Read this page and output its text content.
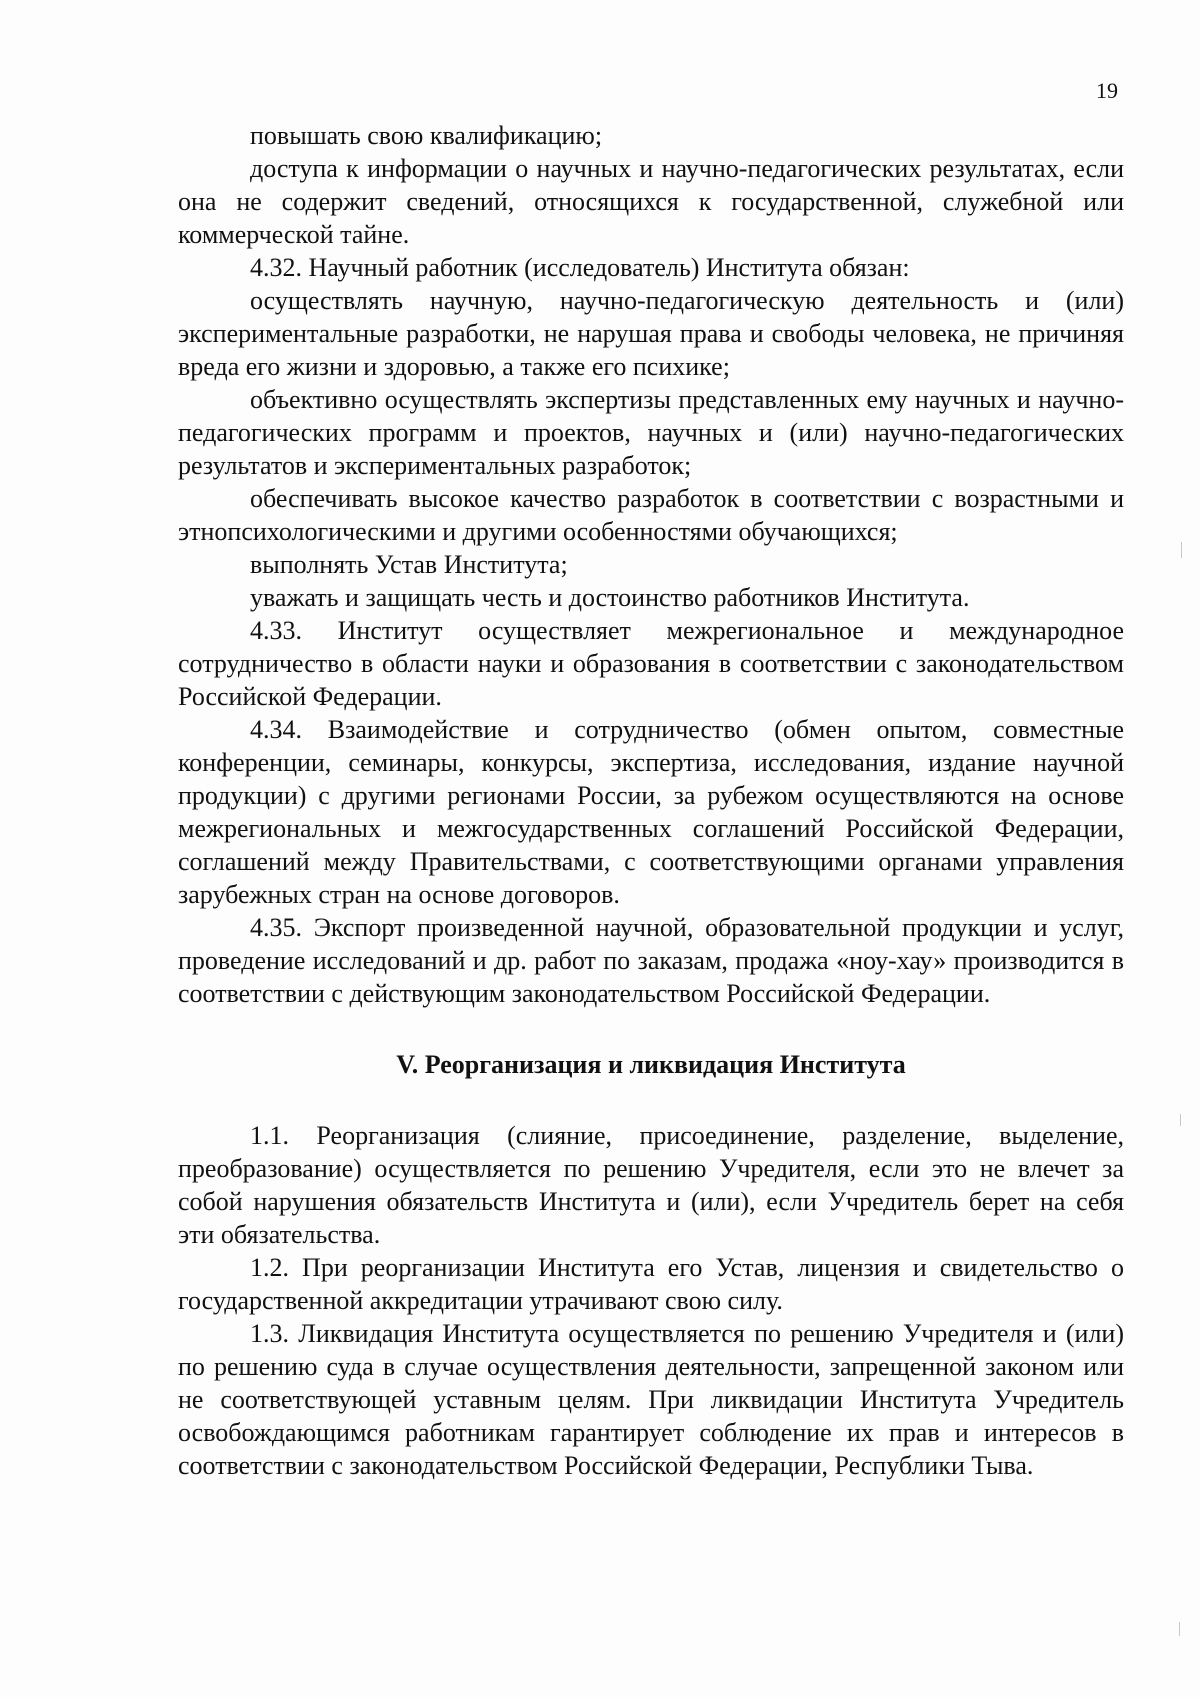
19

повышать свою квалификацию;

доступа к информации о научных и научно-педагогических результатах, если она не содержит сведений, относящихся к государственной, служебной или коммерческой тайне.

4.32. Научный работник (исследователь) Института обязан:

осуществлять научную, научно-педагогическую деятельность и (или) экспериментальные разработки, не нарушая права и свободы человека, не причиняя вреда его жизни и здоровью, а также его психике;

объективно осуществлять экспертизы представленных ему научных и научно-педагогических программ и проектов, научных и (или) научно-педагогических результатов и экспериментальных разработок;

обеспечивать высокое качество разработок в соответствии с возрастными и этнопсихологическими и другими особенностями обучающихся;

выполнять Устав Института;

уважать и защищать честь и достоинство работников Института.

4.33. Институт осуществляет межрегиональное и международное сотрудничество в области науки и образования в соответствии с законодательством Российской Федерации.

4.34. Взаимодействие и сотрудничество (обмен опытом, совместные конференции, семинары, конкурсы, экспертиза, исследования, издание научной продукции) с другими регионами России, за рубежом осуществляются на основе межрегиональных и межгосударственных соглашений Российской Федерации, соглашений между Правительствами, с соответствующими органами управления зарубежных стран на основе договоров.

4.35. Экспорт произведенной научной, образовательной продукции и услуг, проведение исследований и др. работ по заказам, продажа «ноу-хау» производится в соответствии с действующим законодательством Российской Федерации.

V. Реорганизация и ликвидация Института

1.1. Реорганизация (слияние, присоединение, разделение, выделение, преобразование) осуществляется по решению Учредителя, если это не влечет за собой нарушения обязательств Института и (или), если Учредитель берет на себя эти обязательства.

1.2. При реорганизации Института его Устав, лицензия и свидетельство о государственной аккредитации утрачивают свою силу.

1.3. Ликвидация Института осуществляется по решению Учредителя и (или) по решению суда в случае осуществления деятельности, запрещенной законом или не соответствующей уставным целям. При ликвидации Института Учредитель освобождающимся работникам гарантирует соблюдение их прав и интересов в соответствии с законодательством Российской Федерации, Республики Тыва.
